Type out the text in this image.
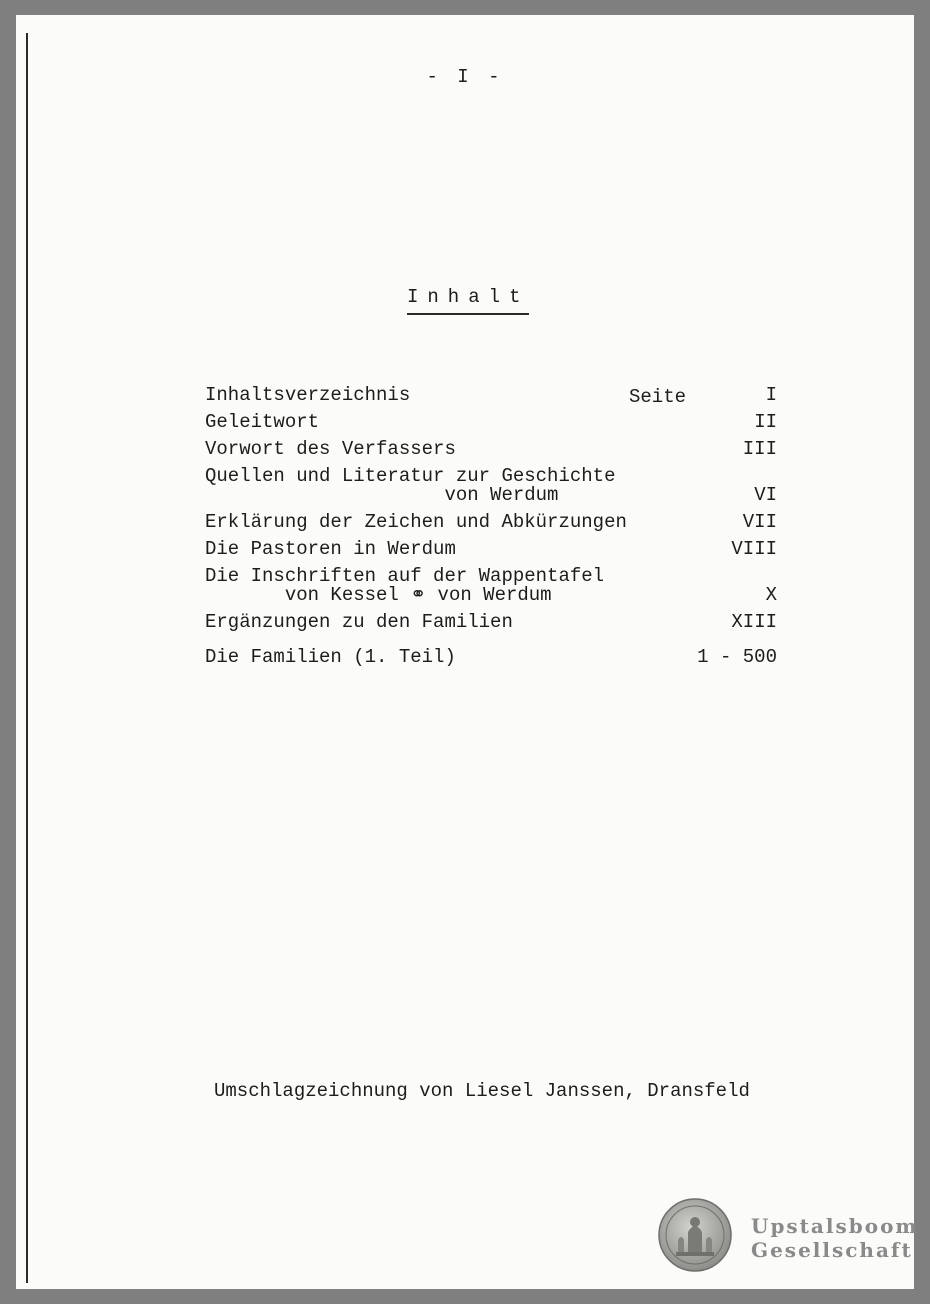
- I -
Inhalt
Seite
Inhaltsverzeichnis	I
Geleitwort	II
Vorwort des Verfassers	III
Quellen und Literatur zur Geschichte
von Werdum	VI
Erklärung der Zeichen und Abkürzungen	VII
Die Pastoren in Werdum	VIII
Die Inschriften auf der Wappentafel
von Kessel ⚭ von Werdum	X
Ergänzungen zu den Familien	XIII
Die Familien (1. Teil)	1 - 500
Umschlagzeichnung von Liesel Janssen, Dransfeld
Upstalsboom
Gesellschaft
